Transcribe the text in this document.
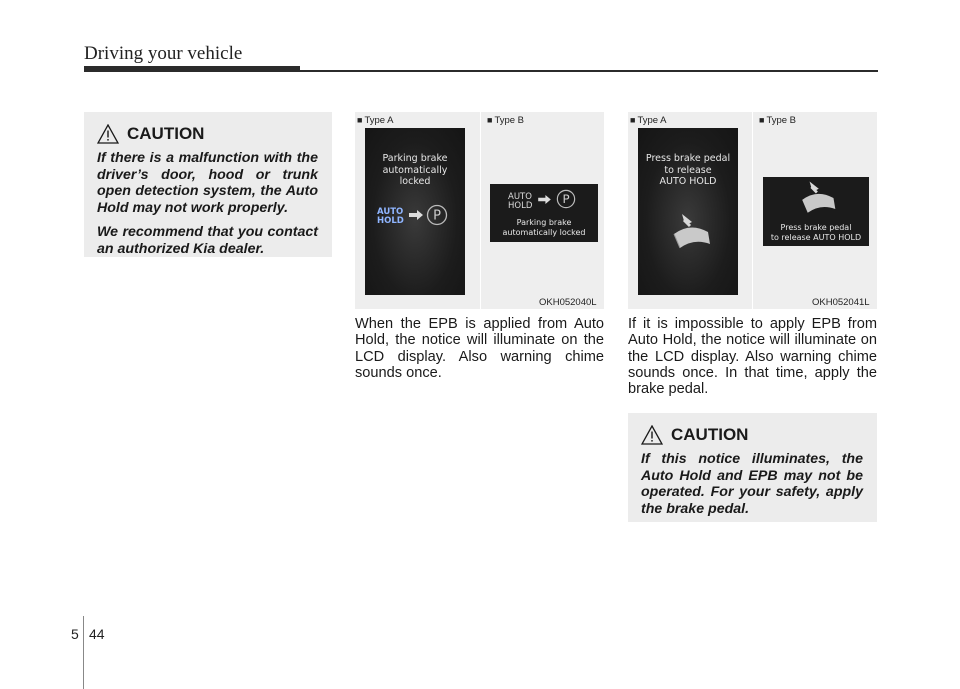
Driving your vehicle
CAUTION

If there is a malfunction with the driver’s door, hood or trunk open detection system, the Auto Hold may not work properly.

We recommend that you contact an authorized Kia dealer.

■ Type A	■ Type B
Parking brake
automatically
locked
AUTO
HOLD P
AUTO
HOLD P
Parking brake
automatically locked
OKH052040L
■ Type A	■ Type B
Press brake pedal
to release
AUTO HOLD
Press brake pedal
to release AUTO HOLD
OKH052041L

When the EPB is applied from Auto Hold, the notice will illuminate on the LCD display. Also warning chime sounds once.

If it is impossible to apply EPB from Auto Hold, the notice will illuminate on the LCD display. Also warning chime sounds once. In that time, apply the brake pedal.

CAUTION

If this notice illuminates, the Auto Hold and EPB may not be operated. For your safety, apply the brake pedal.

5 44
